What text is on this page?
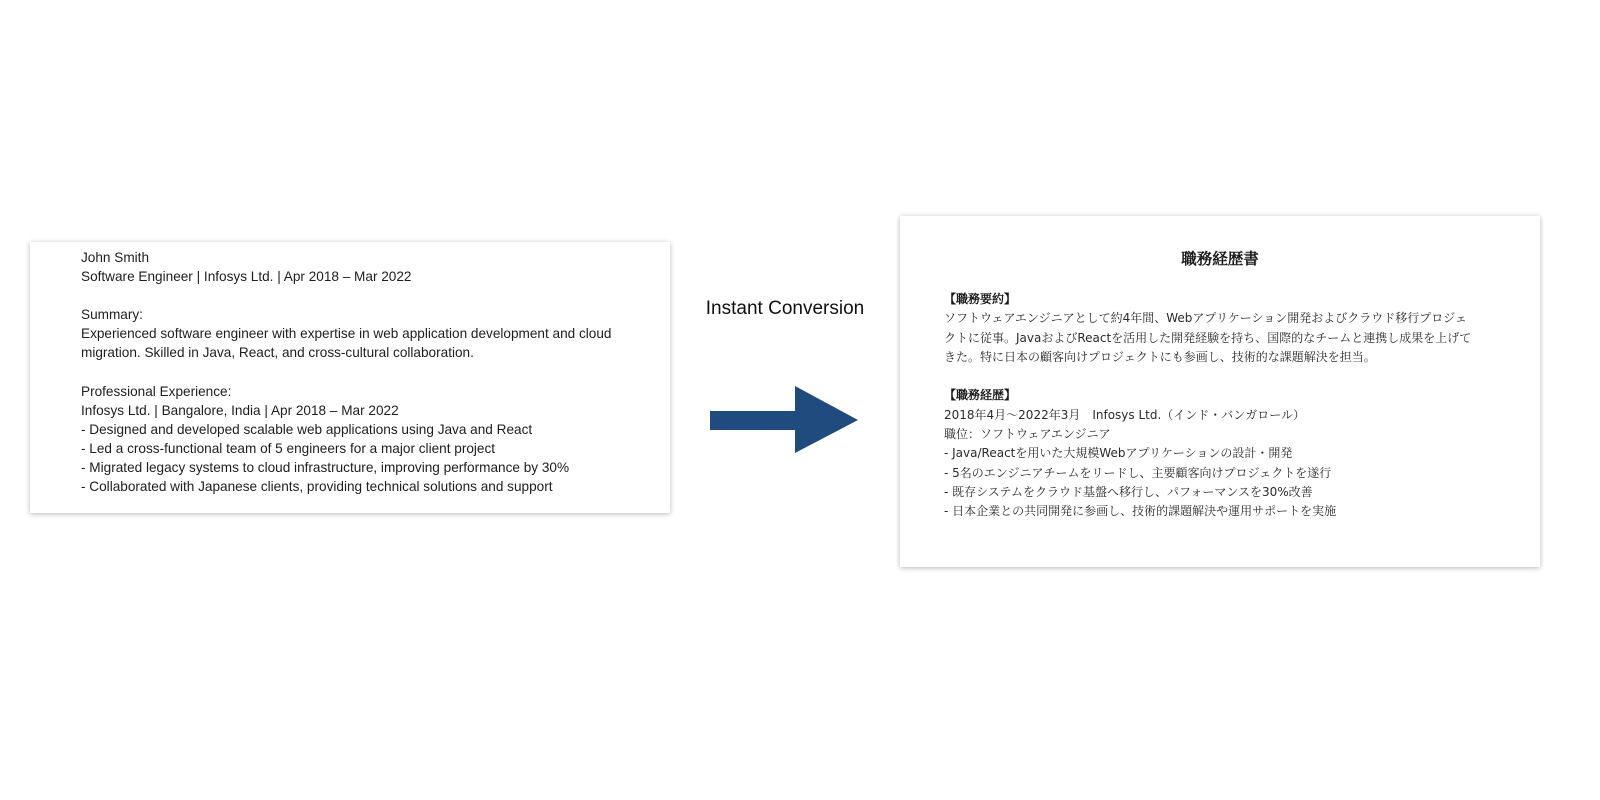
John Smith
Software Engineer | Infosys Ltd. | Apr 2018 – Mar 2022
Summary:
Experienced software engineer with expertise in web application development and cloud
migration. Skilled in Java, React, and cross-cultural collaboration.
Professional Experience:
Infosys Ltd. | Bangalore, India | Apr 2018 – Mar 2022
- Designed and developed scalable web applications using Java and React
- Led a cross-functional team of 5 engineers for a major client project
- Migrated legacy systems to cloud infrastructure, improving performance by 30%
- Collaborated with Japanese clients, providing technical solutions and support
Instant Conversion
職務経歴書
【職務要約】
ソフトウェアエンジニアとして約4年間、Webアプリケーション開発およびクラウド移行プロジェ
クトに従事。JavaおよびReactを活用した開発経験を持ち、国際的なチームと連携し成果を上げて
きた。特に日本の顧客向けプロジェクトにも参画し、技術的な課題解決を担当。
【職務経歴】
2018年4月〜2022年3月　Infosys Ltd.（インド・バンガロール）
職位：ソフトウェアエンジニア
- Java/Reactを用いた大規模Webアプリケーションの設計・開発
- 5名のエンジニアチームをリードし、主要顧客向けプロジェクトを遂行
- 既存システムをクラウド基盤へ移行し、パフォーマンスを30%改善
- 日本企業との共同開発に参画し、技術的課題解決や運用サポートを実施
